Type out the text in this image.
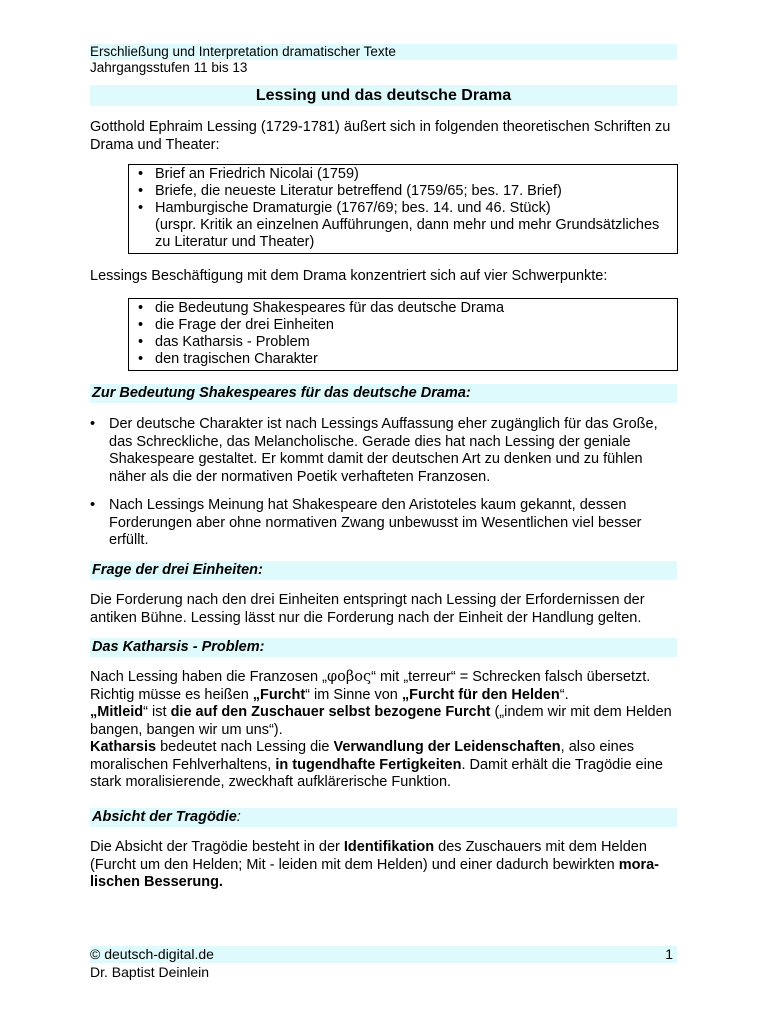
Erschließung und Interpretation dramatischer Texte
Jahrgangsstufen 11 bis 13
Lessing und das deutsche Drama

Gotthold Ephraim Lessing (1729-1781) äußert sich in folgenden theoretischen Schriften zu Drama und Theater:

• Brief an Friedrich Nicolai (1759)
• Briefe, die neueste Literatur betreffend (1759/65; bes. 17. Brief)
• Hamburgische Dramaturgie (1767/69; bes. 14. und 46. Stück)
(urspr. Kritik an einzelnen Aufführungen, dann mehr und mehr Grundsätzliches zu Literatur und Theater)

Lessings Beschäftigung mit dem Drama konzentriert sich auf vier Schwerpunkte:

• die Bedeutung Shakespeares für das deutsche Drama
• die Frage der drei Einheiten
• das Katharsis - Problem
• den tragischen Charakter
Zur Bedeutung Shakespeares für das deutsche Drama:
• Der deutsche Charakter ist nach Lessings Auffassung eher zugänglich für das Große, das Schreckliche, das Melancholische. Gerade dies hat nach Lessing der geniale Shakespeare gestaltet. Er kommt damit der deutschen Art zu denken und zu fühlen näher als die der normativen Poetik verhafteten Franzosen.
• Nach Lessings Meinung hat Shakespeare den Aristoteles kaum gekannt, dessen Forderungen aber ohne normativen Zwang unbewusst im Wesentlichen viel besser erfüllt.
Frage der drei Einheiten:

Die Forderung nach den drei Einheiten entspringt nach Lessing der Erfordernissen der antiken Bühne. Lessing lässt nur die Forderung nach der Einheit der Handlung gelten.

Das Katharsis - Problem:

Nach Lessing haben die Franzosen „φοβος“ mit „terreur“ = Schrecken falsch übersetzt. Richtig müsse es heißen „Furcht“ im Sinne von „Furcht für den Helden“.
„Mitleid“ ist die auf den Zuschauer selbst bezogene Furcht („indem wir mit dem Helden bangen, bangen wir um uns“).
Katharsis bedeutet nach Lessing die Verwandlung der Leidenschaften, also eines moralischen Fehlverhaltens, in tugendhafte Fertigkeiten. Damit erhält die Tragödie eine stark moralisierende, zweckhaft aufklärerische Funktion.

Absicht der Tragödie:

Die Absicht der Tragödie besteht in der Identifikation des Zuschauers mit dem Helden (Furcht um den Helden; Mit - leiden mit dem Helden) und einer dadurch bewirkten mora-lischen Besserung.

© deutsch-digital.de	1
Dr. Baptist Deinlein
